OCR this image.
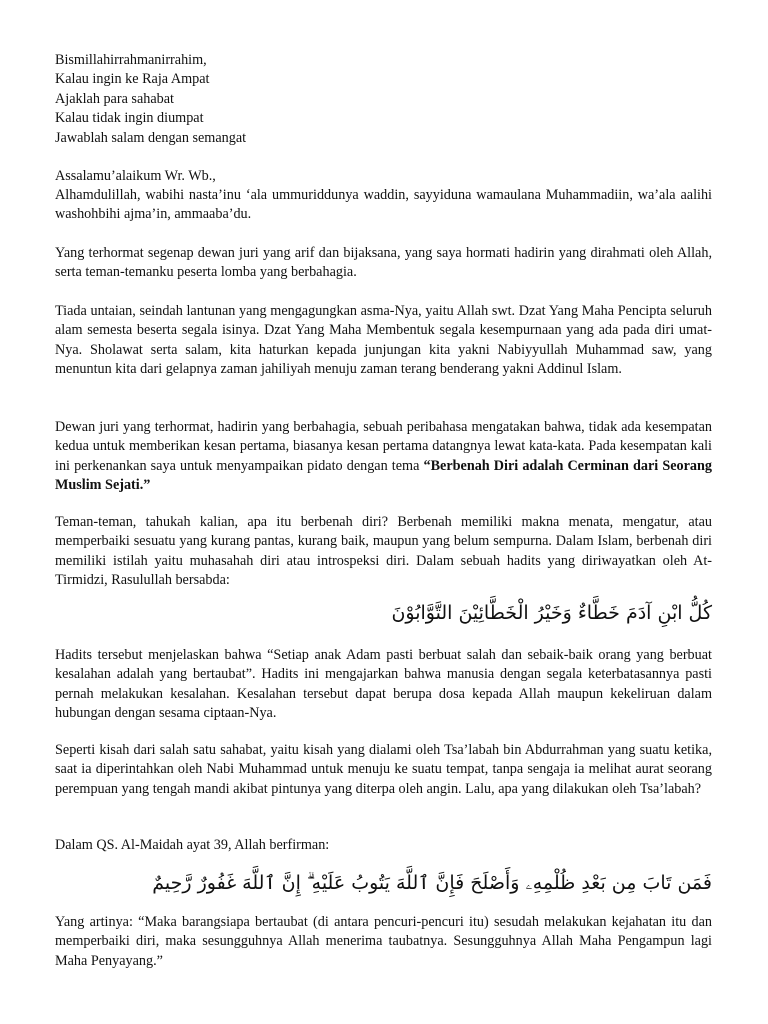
Bismillahirrahmanirrahim,
Kalau ingin ke Raja Ampat
Ajaklah para sahabat
Kalau tidak ingin diumpat
Jawablah salam dengan semangat
Assalamu’alaikum Wr. Wb.,

Alhamdulillah, wabihi nasta’inu ‘ala ummuriddunya waddin, sayyiduna wamaulana Muhammadiin, wa’ala aalihi washohbihi ajma’in, ammaaba’du.

Yang terhormat segenap dewan juri yang arif dan bijaksana, yang saya hormati hadirin yang dirahmati oleh Allah, serta teman-temanku peserta lomba yang berbahagia.

Tiada untaian, seindah lantunan yang mengagungkan asma-Nya, yaitu Allah swt. Dzat Yang Maha Pencipta seluruh alam semesta beserta segala isinya. Dzat Yang Maha Membentuk segala kesempurnaan yang ada pada diri umat-Nya. Sholawat serta salam, kita haturkan kepada junjungan kita yakni Nabiyyullah Muhammad saw, yang menuntun kita dari gelapnya zaman jahiliyah menuju zaman terang benderang yakni Addinul Islam.

Dewan juri yang terhormat, hadirin yang berbahagia, sebuah peribahasa mengatakan bahwa, tidak ada kesempatan kedua untuk memberikan kesan pertama, biasanya kesan pertama datangnya lewat kata-kata. Pada kesempatan kali ini perkenankan saya untuk menyampaikan pidato dengan tema “Berbenah Diri adalah Cerminan dari Seorang Muslim Sejati.”

Teman-teman, tahukah kalian, apa itu berbenah diri? Berbenah memiliki makna menata, mengatur, atau memperbaiki sesuatu yang kurang pantas, kurang baik, maupun yang belum sempurna. Dalam Islam, berbenah diri memiliki istilah yaitu muhasahah diri atau introspeksi diri. Dalam sebuah hadits yang diriwayatkan oleh At-Tirmidzi, Rasulullah bersabda:

كُلُّ ابْنِ آدَمَ خَطَّاءٌ وَخَيْرُ الْخَطَّائِيْنَ التَّوَّابُوْنَ

Hadits tersebut menjelaskan bahwa “Setiap anak Adam pasti berbuat salah dan sebaik-baik orang yang berbuat kesalahan adalah yang bertaubat”. Hadits ini mengajarkan bahwa manusia dengan segala keterbatasannya pasti pernah melakukan kesalahan. Kesalahan tersebut dapat berupa dosa kepada Allah maupun kekeliruan dalam hubungan dengan sesama ciptaan-Nya.

Seperti kisah dari salah satu sahabat, yaitu kisah yang dialami oleh Tsa’labah bin Abdurrahman yang suatu ketika, saat ia diperintahkan oleh Nabi Muhammad untuk menuju ke suatu tempat, tanpa sengaja ia melihat aurat seorang perempuan yang tengah mandi akibat pintunya yang diterpa oleh angin. Lalu, apa yang dilakukan oleh Tsa’labah?

Dalam QS. Al-Maidah ayat 39, Allah berfirman:
فَمَن تَابَ مِن بَعْدِ ظُلْمِهِۦ وَأَصْلَحَ فَإِنَّ ٱللَّهَ يَتُوبُ عَلَيْهِ ۗ إِنَّ ٱللَّهَ غَفُورٌ رَّحِيمٌ

Yang artinya: “Maka barangsiapa bertaubat (di antara pencuri-pencuri itu) sesudah melakukan kejahatan itu dan memperbaiki diri, maka sesungguhnya Allah menerima taubatnya. Sesungguhnya Allah Maha Pengampun lagi Maha Penyayang.”
